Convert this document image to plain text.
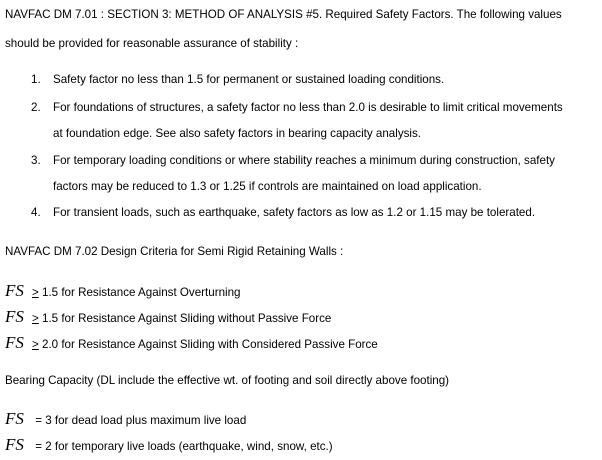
NAVFAC DM 7.01 : SECTION 3: METHOD OF ANALYSIS #5. Required Safety Factors. The following values
should be provided for reasonable assurance of stability :
1. Safety factor no less than 1.5 for permanent or sustained loading conditions.
2. For foundations of structures, a safety factor no less than 2.0 is desirable to limit critical movements
at foundation edge. See also safety factors in bearing capacity analysis.
3. For temporary loading conditions or where stability reaches a minimum during construction, safety
factors may be reduced to 1.3 or 1.25 if controls are maintained on load application.
4. For transient loads, such as earthquake, safety factors as low as 1.2 or 1.15 may be tolerated.
NAVFAC DM 7.02 Design Criteria for Semi Rigid Retaining Walls :
FS ≥ 1.5 for Resistance Against Overturning
FS ≥ 1.5 for Resistance Against Sliding without Passive Force
FS ≥ 2.0 for Resistance Against Sliding with Considered Passive Force
Bearing Capacity (DL include the effective wt. of footing and soil directly above footing)
FS = 3 for dead load plus maximum live load
FS = 2 for temporary live loads (earthquake, wind, snow, etc.)
